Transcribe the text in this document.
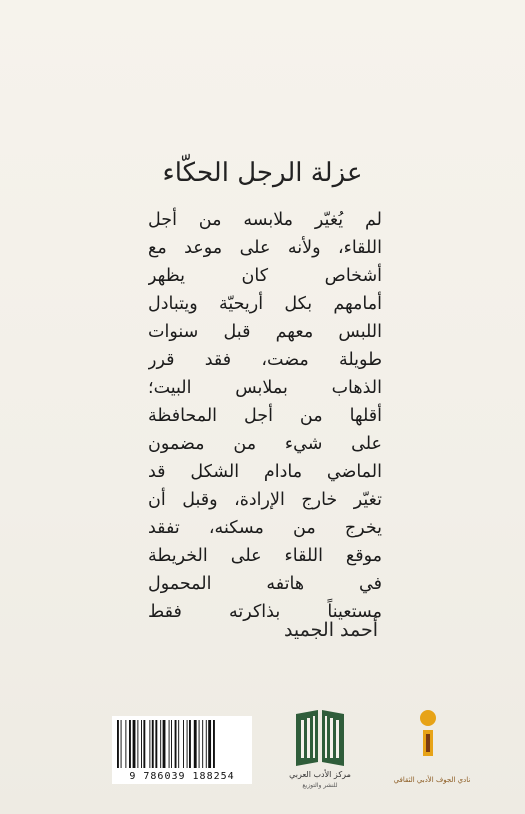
عزلة الرجل الحكّاء
لم يُغيّر ملابسه من أجل
اللقاء، ولأنه على موعد مع
أشخاص كان يظهر
أمامهم بكل أريحيّة ويتبادل
اللبس معهم قبل سنوات
طويلة مضت، فقد قرر
الذهاب بملابس البيت؛
أقلها من أجل المحافظة
على شيء من مضمون
الماضي مادام الشكل قد
تغيّر خارج الإرادة، وقبل أن
يخرج من مسكنه، تفقد
موقع اللقاء على الخريطة
في هاتفه المحمول
مستعيناً بذاكرته فقط
أحمد الجميد
9 786039 188254	مركز الأدب العربي
للنشر والتوزيع
نادي الجوف الأدبي الثقافي
